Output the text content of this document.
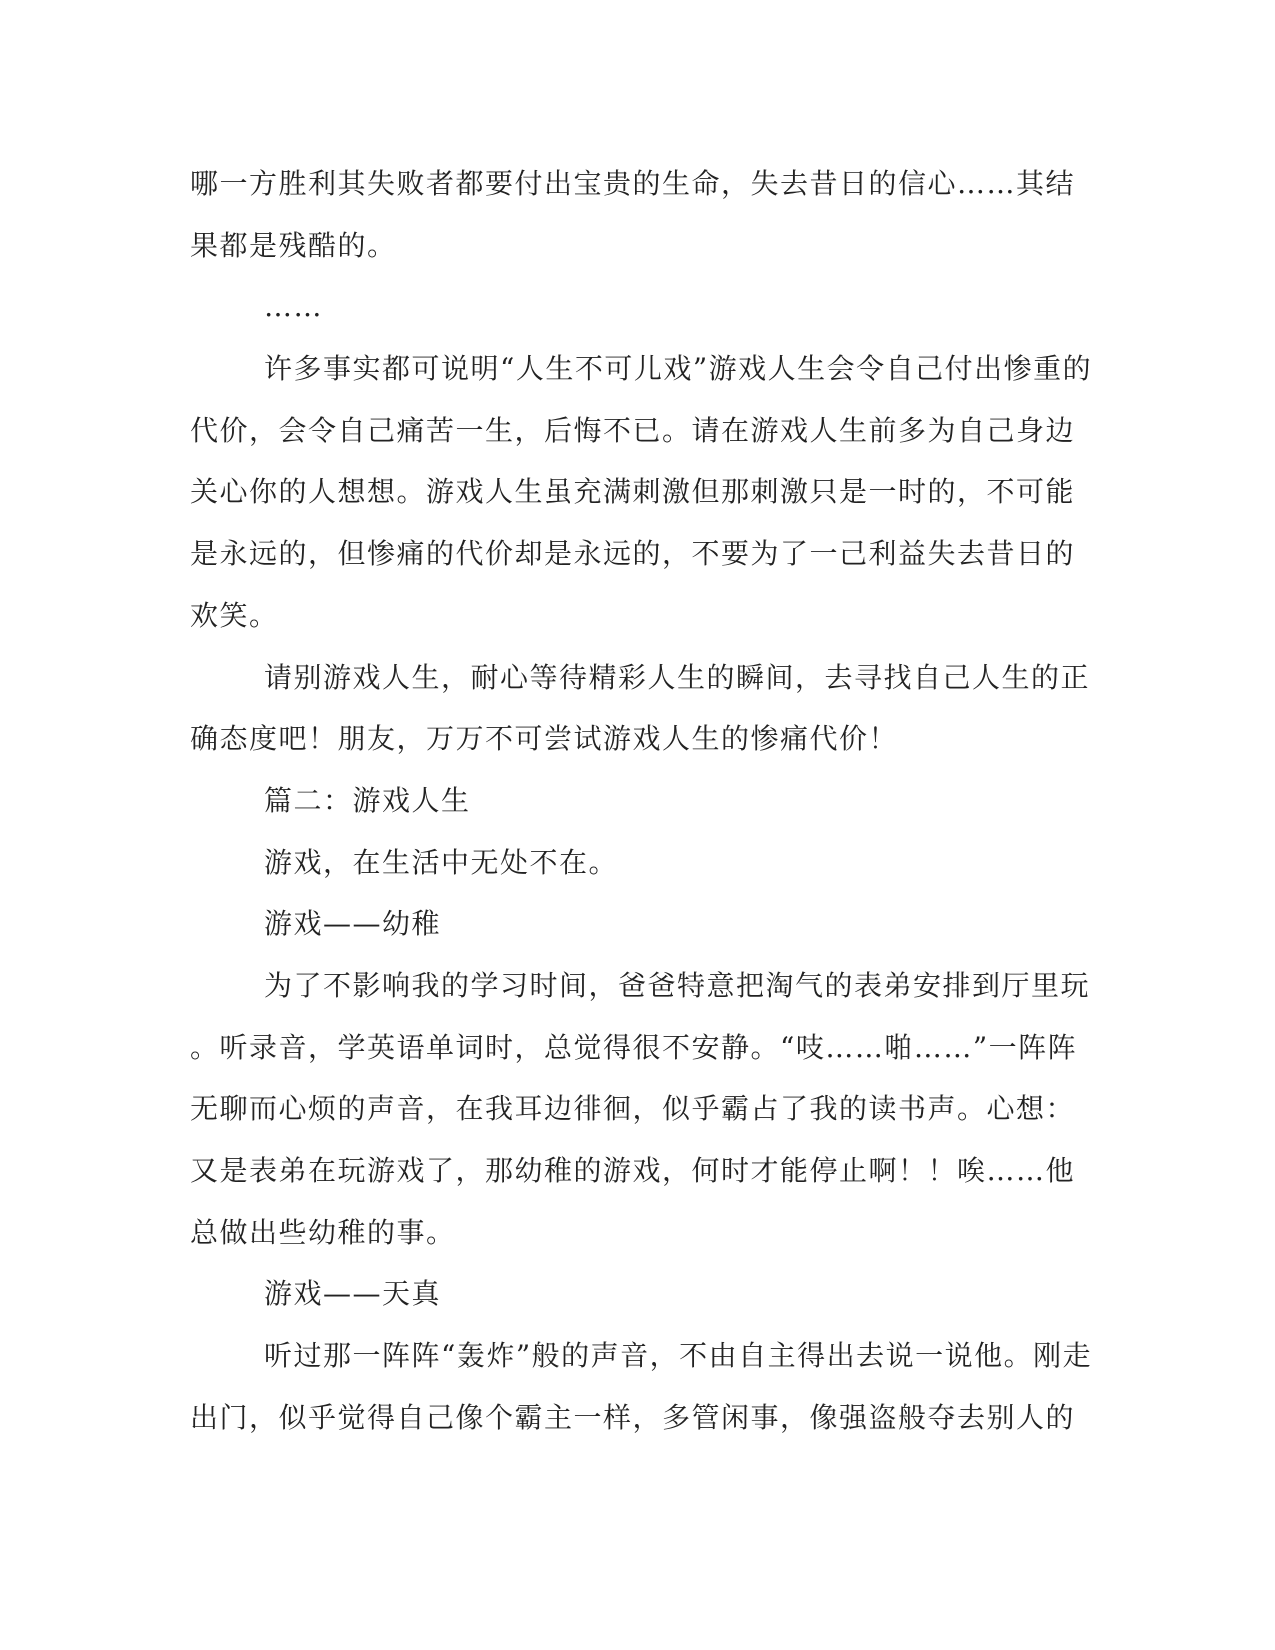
哪一方胜利其失败者都要付出宝贵的生命，失去昔日的信心……其结
果都是残酷的。
……
许多事实都可说明“人生不可儿戏”游戏人生会令自己付出惨重的
代价，会令自己痛苦一生，后悔不已。请在游戏人生前多为自己身边
关心你的人想想。游戏人生虽充满刺激但那刺激只是一时的，不可能
是永远的，但惨痛的代价却是永远的，不要为了一己利益失去昔日的
欢笑。
请别游戏人生，耐心等待精彩人生的瞬间，去寻找自己人生的正
确态度吧！朋友，万万不可尝试游戏人生的惨痛代价！
篇二：游戏人生
游戏，在生活中无处不在。
游戏——幼稚
为了不影响我的学习时间，爸爸特意把淘气的表弟安排到厅里玩
。听录音，学英语单词时，总觉得很不安静。“吱……啪……”一阵阵
无聊而心烦的声音，在我耳边徘徊，似乎霸占了我的读书声。心想：
又是表弟在玩游戏了，那幼稚的游戏，何时才能停止啊！！唉……他
总做出些幼稚的事。
游戏——天真
听过那一阵阵“轰炸”般的声音，不由自主得出去说一说他。刚走
出门，似乎觉得自己像个霸主一样，多管闲事，像强盗般夺去别人的
